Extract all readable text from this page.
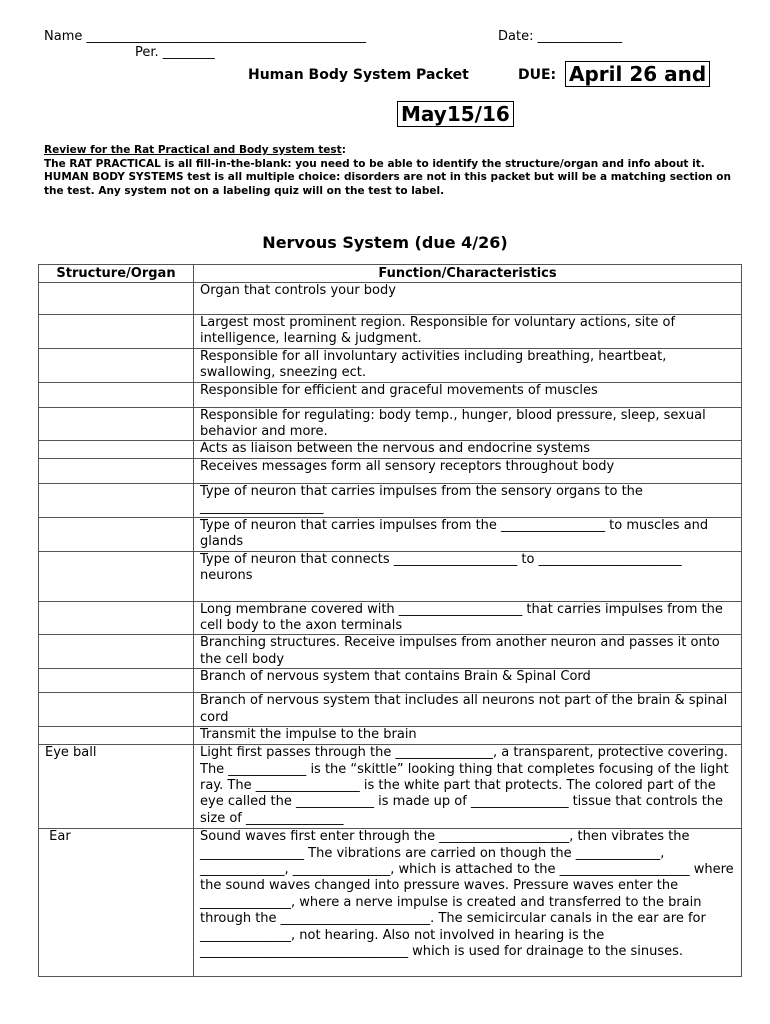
Name ___________________________________________	Date: _____________
Per. ________
Human Body System Packet	DUE: April 26 and
May15/16
Review for the Rat Practical and Body system test:
The RAT PRACTICAL is all fill-in-the-blank: you need to be able to identify the structure/organ and info about it.
HUMAN BODY SYSTEMS test is all multiple choice: disorders are not in this packet but will be a matching section on the test. Any system not on a labeling quiz will on the test to label.
Nervous System (due 4/26)
Structure/Organ	Function/Characteristics
	Organ that controls your body
	Largest most prominent region. Responsible for voluntary actions, site of intelligence, learning & judgment.
	Responsible for all involuntary activities including breathing, heartbeat, swallowing, sneezing ect.
	Responsible for efficient and graceful movements of muscles
	Responsible for regulating: body temp., hunger, blood pressure, sleep, sexual behavior and more.
	Acts as liaison between the nervous and endocrine systems
	Receives messages form all sensory receptors throughout body
	Type of neuron that carries impulses from the sensory organs to the ___________________
	Type of neuron that carries impulses from the ________________ to muscles and glands
	Type of neuron that connects ___________________ to ______________________ neurons
	Long membrane covered with ___________________ that carries impulses from the cell body to the axon terminals
	Branching structures. Receive impulses from another neuron and passes it onto the cell body
	Branch of nervous system that contains Brain & Spinal Cord
	Branch of nervous system that includes all neurons not part of the brain & spinal cord
	Transmit the impulse to the brain
Eye ball	Light first passes through the _______________, a transparent, protective covering. The ____________ is the “skittle” looking thing that completes focusing of the light ray. The ________________ is the white part that protects. The colored part of the eye called the ____________ is made up of _______________ tissue that controls the size of _______________
Ear	Sound waves first enter through the ____________________, then vibrates the ________________ The vibrations are carried on though the _____________, _____________, _______________, which is attached to the ____________________ where the sound waves changed into pressure waves. Pressure waves enter the ______________, where a nerve impulse is created and transferred to the brain through the _______________________. The semicircular canals in the ear are for ______________, not hearing. Also not involved in hearing is the ________________________________ which is used for drainage to the sinuses.
